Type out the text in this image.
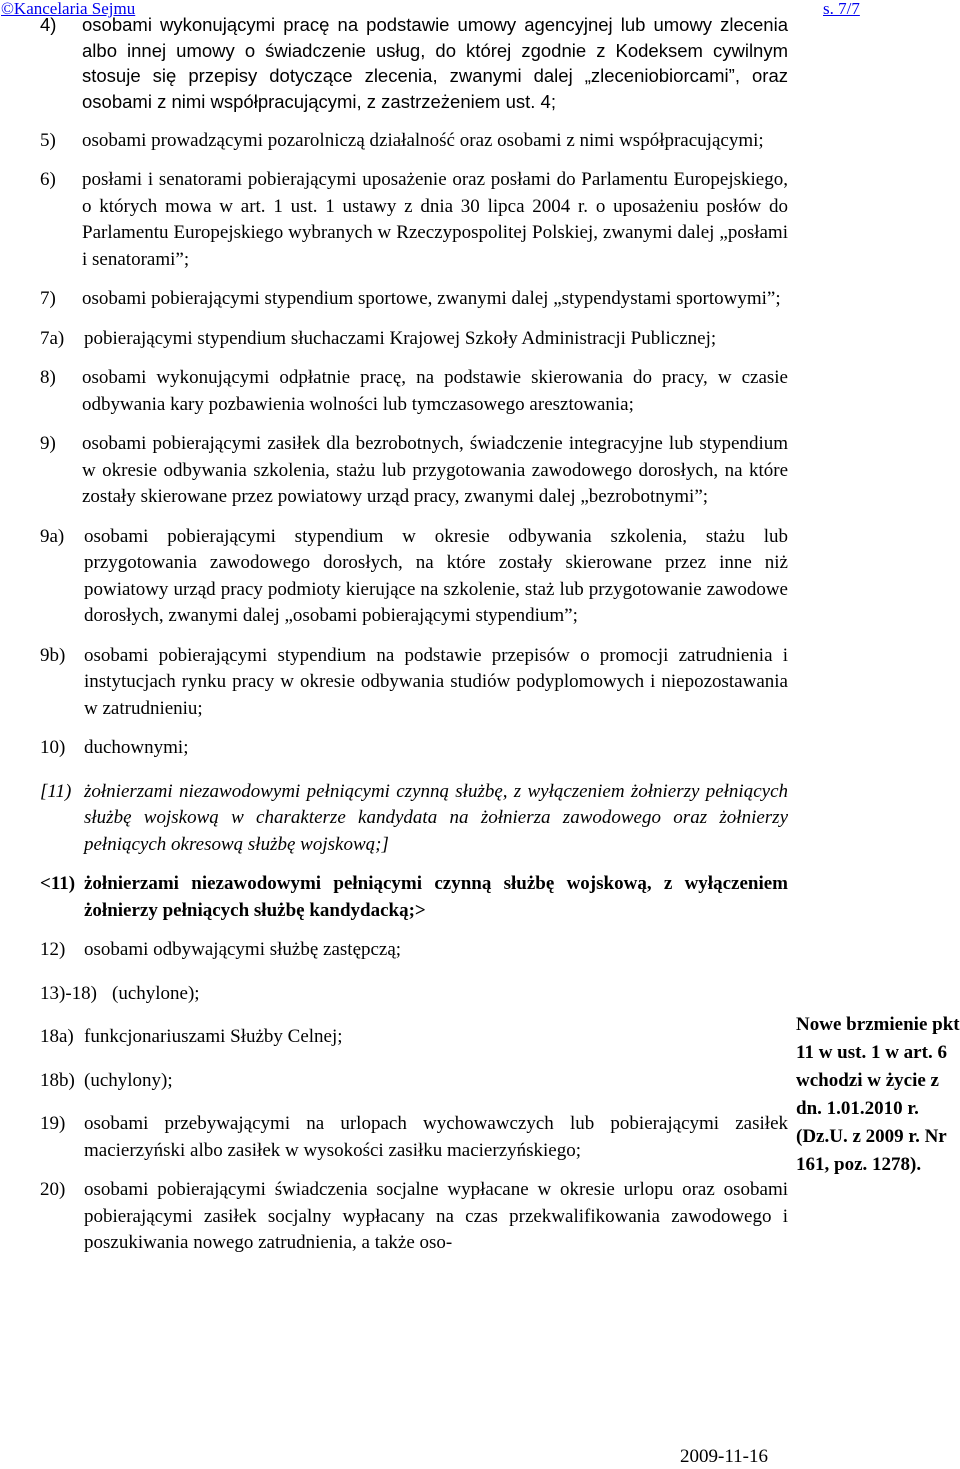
©Kancelaria Sejmu	s. 7/7
4)	osobami wykonującymi pracę na podstawie umowy agencyjnej lub umowy zlecenia albo innej umowy o świadczenie usług, do której zgodnie z Kodeksem cywilnym stosuje się przepisy dotyczące zlecenia, zwanymi dalej „zleceniobiorcami”, oraz osobami z nimi współpracującymi, z zastrzeżeniem ust. 4;
5)	osobami prowadzącymi pozarolniczą działalność oraz osobami z nimi współpracującymi;
6)	posłami i senatorami pobierającymi uposażenie oraz posłami do Parlamentu Europejskiego, o których mowa w art. 1 ust. 1 ustawy z dnia 30 lipca 2004 r. o uposażeniu posłów do Parlamentu Europejskiego wybranych w Rzeczypospolitej Polskiej, zwanymi dalej „posłami i senatorami”;
7)	osobami pobierającymi stypendium sportowe, zwanymi dalej „stypendystami sportowymi”;
7a)	pobierającymi stypendium słuchaczami Krajowej Szkoły Administracji Publicznej;
8)	osobami wykonującymi odpłatnie pracę, na podstawie skierowania do pracy, w czasie odbywania kary pozbawienia wolności lub tymczasowego aresztowania;
9)	osobami pobierającymi zasiłek dla bezrobotnych, świadczenie integracyjne lub stypendium w okresie odbywania szkolenia, stażu lub przygotowania zawodowego dorosłych, na które zostały skierowane przez powiatowy urząd pracy, zwanymi dalej „bezrobotnymi”;
9a)	osobami pobierającymi stypendium w okresie odbywania szkolenia, stażu lub przygotowania zawodowego dorosłych, na które zostały skierowane przez inne niż powiatowy urząd pracy podmioty kierujące na szkolenie, staż lub przygotowanie zawodowe dorosłych, zwanymi dalej „osobami pobierającymi stypendium”;
9b) osobami pobierającymi stypendium na podstawie przepisów o promocji zatrudnienia i instytucjach rynku pracy w okresie odbywania studiów podyplomowych i niepozostawania w zatrudnieniu;
10) duchownymi;
[11) żołnierzami niezawodowymi pełniącymi czynną służbę, z wyłączeniem żołnierzy pełniących służbę wojskową w charakterze kandydata na żołnierza zawodowego oraz żołnierzy pełniących okresową służbę wojskową;]
<11) żołnierzami niezawodowymi pełniącymi czynną służbę wojskową, z wyłączeniem żołnierzy pełniących służbę kandydacką;>
12) osobami odbywającymi służbę zastępczą;
13)-18) (uchylone);
18a) funkcjonariuszami Służby Celnej;
18b) (uchylony);
19) osobami przebywającymi na urlopach wychowawczych lub pobierającymi zasiłek macierzyński albo zasiłek w wysokości zasiłku macierzyńskiego;
20) osobami pobierającymi świadczenia socjalne wypłacane w okresie urlopu oraz osobami pobierającymi zasiłek socjalny wypłacany na czas przekwalifikowania zawodowego i poszukiwania nowego zatrudnienia, a także oso-
Nowe brzmienie pkt 11 w ust. 1 w art. 6 wchodzi w życie z dn. 1.01.2010 r. (Dz.U. z 2009 r. Nr 161, poz. 1278).
2009-11-16
